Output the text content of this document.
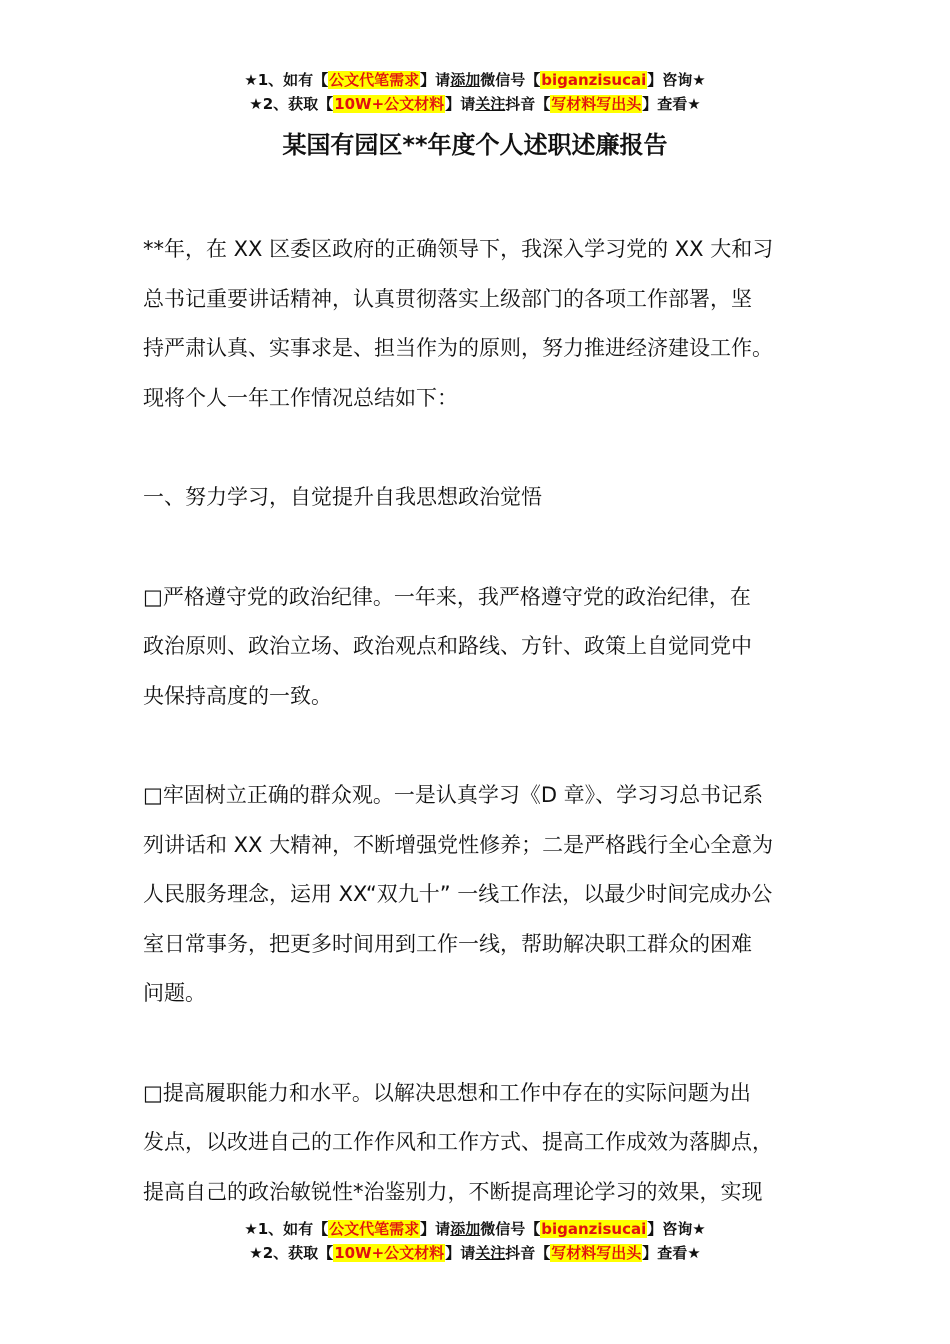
★1、如有【公文代笔需求】请添加微信号【biganzisucai】咨询★
★2、获取【10W+公文材料】请关注抖音【写材料写出头】查看★
某国有园区**年度个人述职述廉报告

**年，在 XX 区委区政府的正确领导下，我深入学习党的 XX 大和习

总书记重要讲话精神，认真贯彻落实上级部门的各项工作部署，坚

持严肃认真、实事求是、担当作为的原则，努力推进经济建设工作。

现将个人一年工作情况总结如下：

一、努力学习，自觉提升自我思想政治觉悟

□严格遵守党的政治纪律。一年来，我严格遵守党的政治纪律，在

政治原则、政治立场、政治观点和路线、方针、政策上自觉同党中

央保持高度的一致。

□牢固树立正确的群众观。一是认真学习《D 章》、学习习总书记系

列讲话和 XX 大精神，不断增强党性修养；二是严格践行全心全意为

人民服务理念，运用 XX“双九十” 一线工作法，以最少时间完成办公

室日常事务，把更多时间用到工作一线，帮助解决职工群众的困难

问题。

□提高履职能力和水平。以解决思想和工作中存在的实际问题为出

发点，以改进自己的工作作风和工作方式、提高工作成效为落脚点，

提高自己的政治敏锐性*治鉴别力，不断提高理论学习的效果，实现

★1、如有【公文代笔需求】请添加微信号【biganzisucai】咨询★
★2、获取【10W+公文材料】请关注抖音【写材料写出头】查看★
